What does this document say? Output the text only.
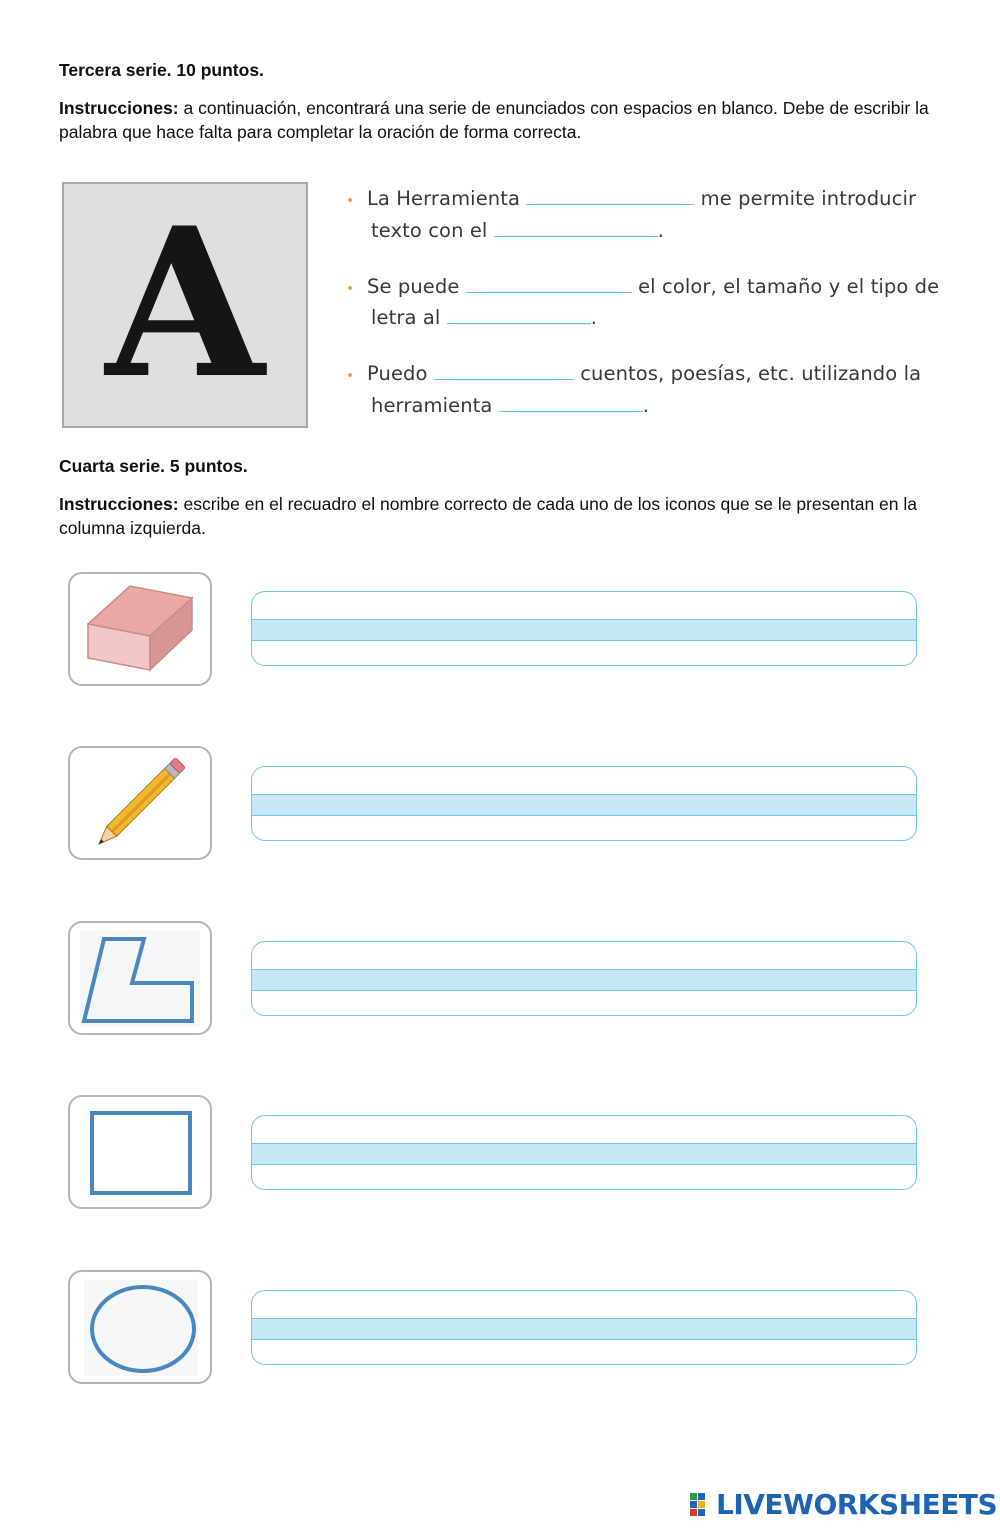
Tercera serie. 10 puntos.
Instrucciones: a continuación, encontrará una serie de enunciados con espacios en blanco. Debe de escribir la palabra que hace falta para completar la oración de forma correcta.
A	• La Herramienta	me permite introducir
texto con el	.
• Se puede	el color, el tamaño y el tipo de
letra al	.
• Puedo	cuentos, poesías, etc. utilizando la
herramienta	.
Cuarta serie. 5 puntos.
Instrucciones: escribe en el recuadro el nombre correcto de cada uno de los iconos que se le presentan en la columna izquierda.
LIVEWORKSHEETS
